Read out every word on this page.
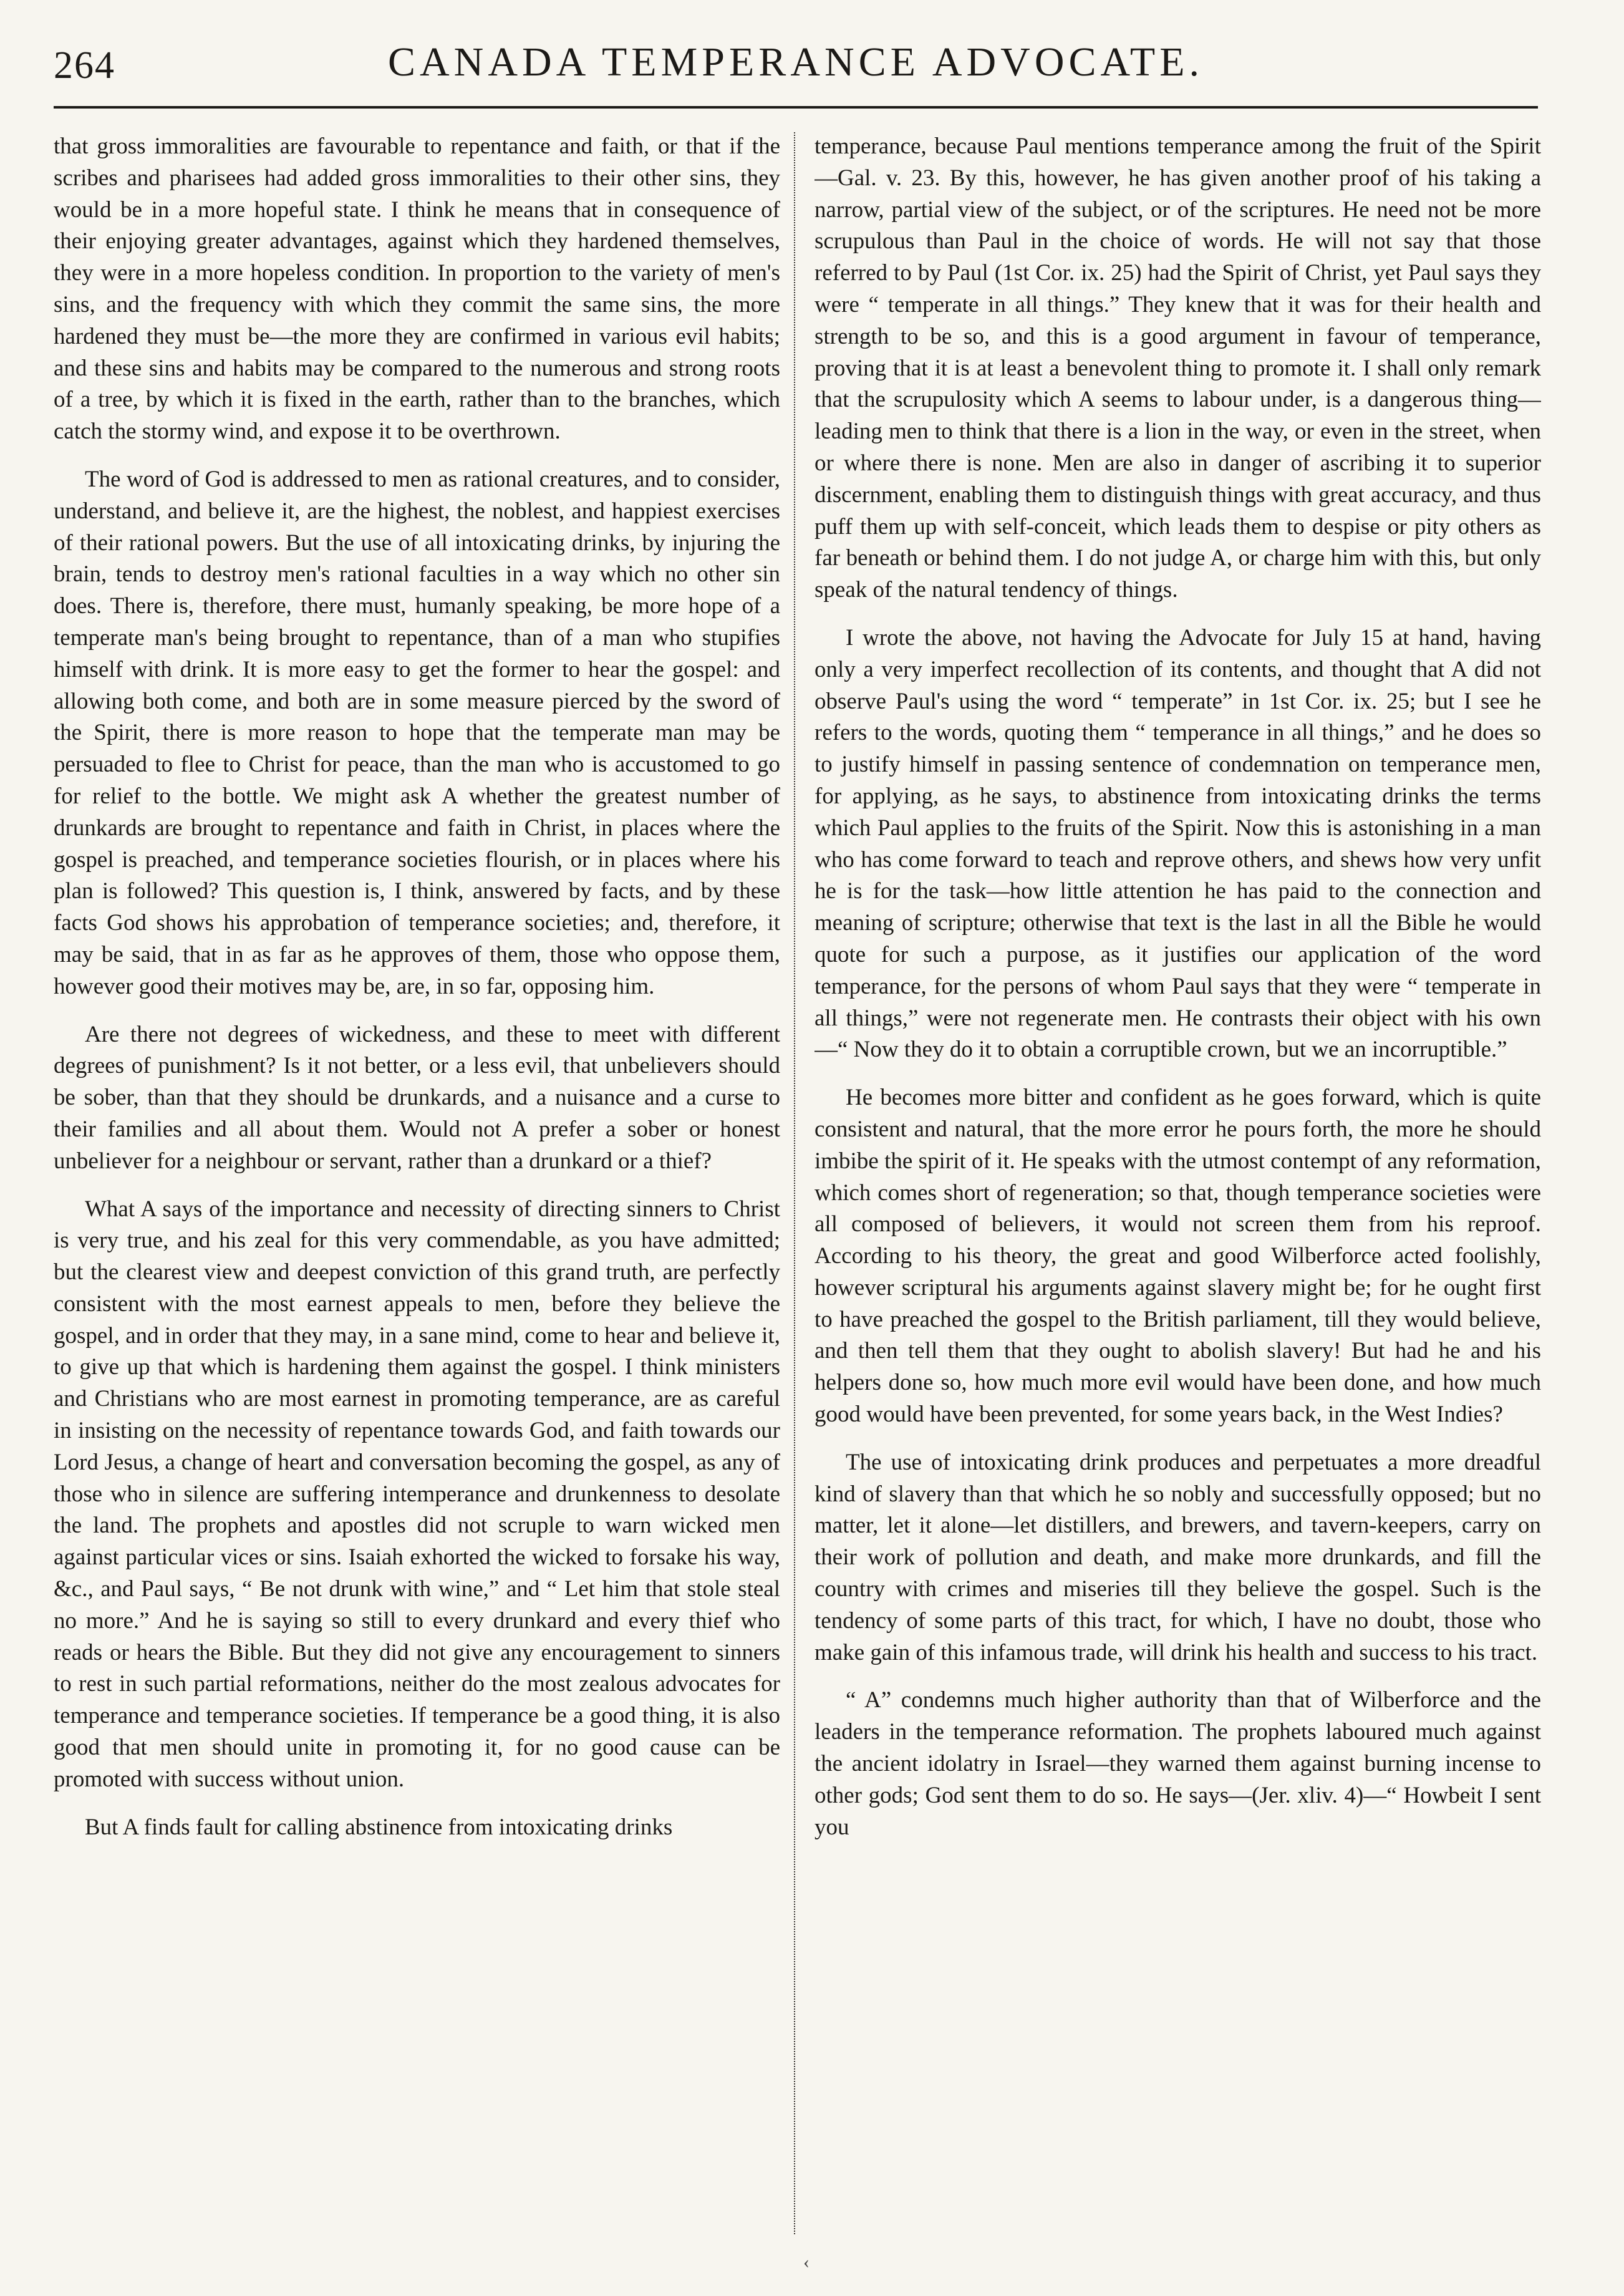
264	CANADA TEMPERANCE ADVOCATE.

that gross immoralities are favourable to repentance and faith, or that if the scribes and pharisees had added gross immoralities to their other sins, they would be in a more hopeful state. I think he means that in consequence of their enjoying greater advantages, against which they hardened themselves, they were in a more hopeless condition. In proportion to the variety of men's sins, and the frequency with which they commit the same sins, the more hardened they must be—the more they are confirmed in various evil habits; and these sins and habits may be compared to the numerous and strong roots of a tree, by which it is fixed in the earth, rather than to the branches, which catch the stormy wind, and expose it to be overthrown.

The word of God is addressed to men as rational creatures, and to consider, understand, and believe it, are the highest, the noblest, and happiest exercises of their rational powers. But the use of all intoxicating drinks, by injuring the brain, tends to destroy men's rational faculties in a way which no other sin does. There is, therefore, there must, humanly speaking, be more hope of a temperate man's being brought to repentance, than of a man who stupifies himself with drink. It is more easy to get the former to hear the gospel: and allowing both come, and both are in some measure pierced by the sword of the Spirit, there is more reason to hope that the temperate man may be persuaded to flee to Christ for peace, than the man who is accustomed to go for relief to the bottle. We might ask A whether the greatest number of drunkards are brought to repentance and faith in Christ, in places where the gospel is preached, and temperance societies flourish, or in places where his plan is followed? This question is, I think, answered by facts, and by these facts God shows his approbation of temperance societies; and, therefore, it may be said, that in as far as he approves of them, those who oppose them, however good their motives may be, are, in so far, opposing him.

Are there not degrees of wickedness, and these to meet with different degrees of punishment? Is it not better, or a less evil, that unbelievers should be sober, than that they should be drunkards, and a nuisance and a curse to their families and all about them. Would not A prefer a sober or honest unbeliever for a neighbour or servant, rather than a drunkard or a thief?

What A says of the importance and necessity of directing sinners to Christ is very true, and his zeal for this very commendable, as you have admitted; but the clearest view and deepest conviction of this grand truth, are perfectly consistent with the most earnest appeals to men, before they believe the gospel, and in order that they may, in a sane mind, come to hear and believe it, to give up that which is hardening them against the gospel. I think ministers and Christians who are most earnest in promoting temperance, are as careful in insisting on the necessity of repentance towards God, and faith towards our Lord Jesus, a change of heart and conversation becoming the gospel, as any of those who in silence are suffering intemperance and drunkenness to desolate the land. The prophets and apostles did not scruple to warn wicked men against particular vices or sins. Isaiah exhorted the wicked to forsake his way, &c., and Paul says, “ Be not drunk with wine,” and “ Let him that stole steal no more.” And he is saying so still to every drunkard and every thief who reads or hears the Bible. But they did not give any encouragement to sinners to rest in such partial reformations, neither do the most zealous advocates for temperance and temperance societies. If temperance be a good thing, it is also good that men should unite in promoting it, for no good cause can be promoted with success without union.

But A finds fault for calling abstinence from intoxicating drinks

temperance, because Paul mentions temperance among the fruit of the Spirit—Gal. v. 23. By this, however, he has given another proof of his taking a narrow, partial view of the subject, or of the scriptures. He need not be more scrupulous than Paul in the choice of words. He will not say that those referred to by Paul (1st Cor. ix. 25) had the Spirit of Christ, yet Paul says they were “ temperate in all things.” They knew that it was for their health and strength to be so, and this is a good argument in favour of temperance, proving that it is at least a benevolent thing to promote it. I shall only remark that the scrupulosity which A seems to labour under, is a dangerous thing—leading men to think that there is a lion in the way, or even in the street, when or where there is none. Men are also in danger of ascribing it to superior discernment, enabling them to distinguish things with great accuracy, and thus puff them up with self-conceit, which leads them to despise or pity others as far beneath or behind them. I do not judge A, or charge him with this, but only speak of the natural tendency of things.

I wrote the above, not having the Advocate for July 15 at hand, having only a very imperfect recollection of its contents, and thought that A did not observe Paul's using the word “ temperate” in 1st Cor. ix. 25; but I see he refers to the words, quoting them “ temperance in all things,” and he does so to justify himself in passing sentence of condemnation on temperance men, for applying, as he says, to abstinence from intoxicating drinks the terms which Paul applies to the fruits of the Spirit. Now this is astonishing in a man who has come forward to teach and reprove others, and shews how very unfit he is for the task—how little attention he has paid to the connection and meaning of scripture; otherwise that text is the last in all the Bible he would quote for such a purpose, as it justifies our application of the word temperance, for the persons of whom Paul says that they were “ temperate in all things,” were not regenerate men. He contrasts their object with his own—“ Now they do it to obtain a corruptible crown, but we an incorruptible.”

He becomes more bitter and confident as he goes forward, which is quite consistent and natural, that the more error he pours forth, the more he should imbibe the spirit of it. He speaks with the utmost contempt of any reformation, which comes short of regeneration; so that, though temperance societies were all composed of believers, it would not screen them from his reproof. According to his theory, the great and good Wilberforce acted foolishly, however scriptural his arguments against slavery might be; for he ought first to have preached the gospel to the British parliament, till they would believe, and then tell them that they ought to abolish slavery! But had he and his helpers done so, how much more evil would have been done, and how much good would have been prevented, for some years back, in the West Indies?

The use of intoxicating drink produces and perpetuates a more dreadful kind of slavery than that which he so nobly and successfully opposed; but no matter, let it alone—let distillers, and brewers, and tavern-keepers, carry on their work of pollution and death, and make more drunkards, and fill the country with crimes and miseries till they believe the gospel. Such is the tendency of some parts of this tract, for which, I have no doubt, those who make gain of this infamous trade, will drink his health and success to his tract.

“ A” condemns much higher authority than that of Wilberforce and the leaders in the temperance reformation. The prophets laboured much against the ancient idolatry in Israel—they warned them against burning incense to other gods; God sent them to do so. He says—(Jer. xliv. 4)—“ Howbeit I sent you

‹
